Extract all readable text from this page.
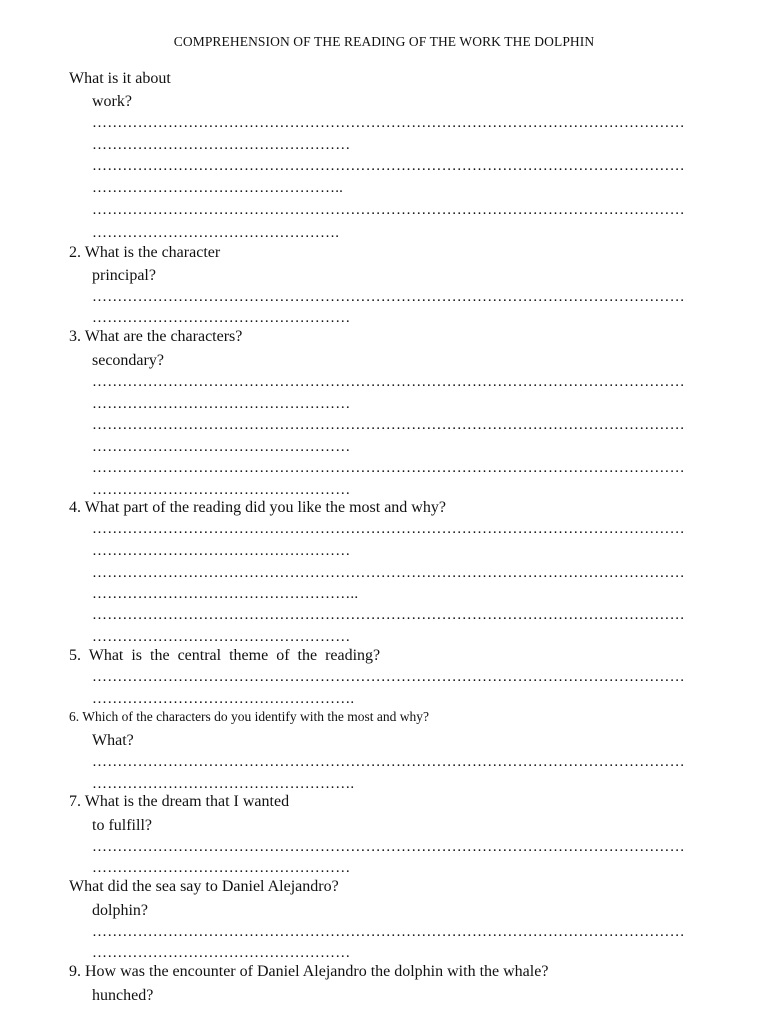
COMPREHENSION OF THE READING OF THE WORK THE DOLPHIN
What is it about
work?
………………………………………………………………………………………………………
……………………………………………
………………………………………………………………………………………………………
…………………………………………..
………………………………………………………………………………………………………
………………………………………….
2. What is the character
principal?
………………………………………………………………………………………………………
……………………………………………
3. What are the characters?
secondary?
………………………………………………………………………………………………………
……………………………………………
………………………………………………………………………………………………………
……………………………………………
………………………………………………………………………………………………………
……………………………………………
4. What part of the reading did you like the most and why?
………………………………………………………………………………………………………
……………………………………………
………………………………………………………………………………………………………
……………………………………………..
………………………………………………………………………………………………………
……………………………………………
5.  What  is  the  central  theme  of  the  reading?
………………………………………………………………………………………………………
…………………………………………….
6. Which of the characters do you identify with the most and why?
What?
………………………………………………………………………………………………………
…………………………………………….
7. What is the dream that I wanted
to fulfill?
………………………………………………………………………………………………………
……………………………………………
What did the sea say to Daniel Alejandro?
dolphin?
………………………………………………………………………………………………………
……………………………………………
9. How was the encounter of Daniel Alejandro the dolphin with the whale?
hunched?
